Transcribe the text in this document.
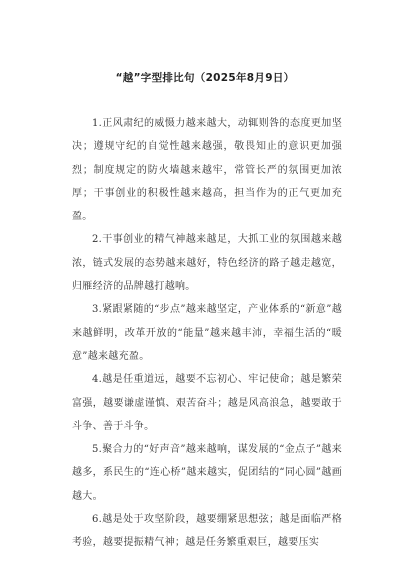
“越”字型排比句（2025年8月9日）

1.正风肃纪的威慑力越来越大，动辄则咎的态度更加坚决；遵规守纪的自觉性越来越强，敬畏知止的意识更加强烈；制度规定的防火墙越来越牢，常管长严的氛围更加浓厚；干事创业的积极性越来越高，担当作为的正气更加充盈。

2.干事创业的精气神越来越足，大抓工业的氛围越来越浓，链式发展的态势越来越好，特色经济的路子越走越宽，归雁经济的品牌越打越响。

3.紧跟紧随的“步点”越来越坚定，产业体系的“新意”越来越鲜明，改革开放的“能量”越来越丰沛，幸福生活的“暖意”越来越充盈。

4.越是任重道远，越要不忘初心、牢记使命；越是繁荣富强，越要谦虚谨慎、艰苦奋斗；越是风高浪急，越要敢于斗争、善于斗争。

5.聚合力的“好声音”越来越响，谋发展的“金点子”越来越多，系民生的“连心桥”越来越实，促团结的“同心圆”越画越大。

6.越是处于攻坚阶段，越要绷紧思想弦；越是面临严格考验，越要提振精气神；越是任务繁重艰巨，越要压实
